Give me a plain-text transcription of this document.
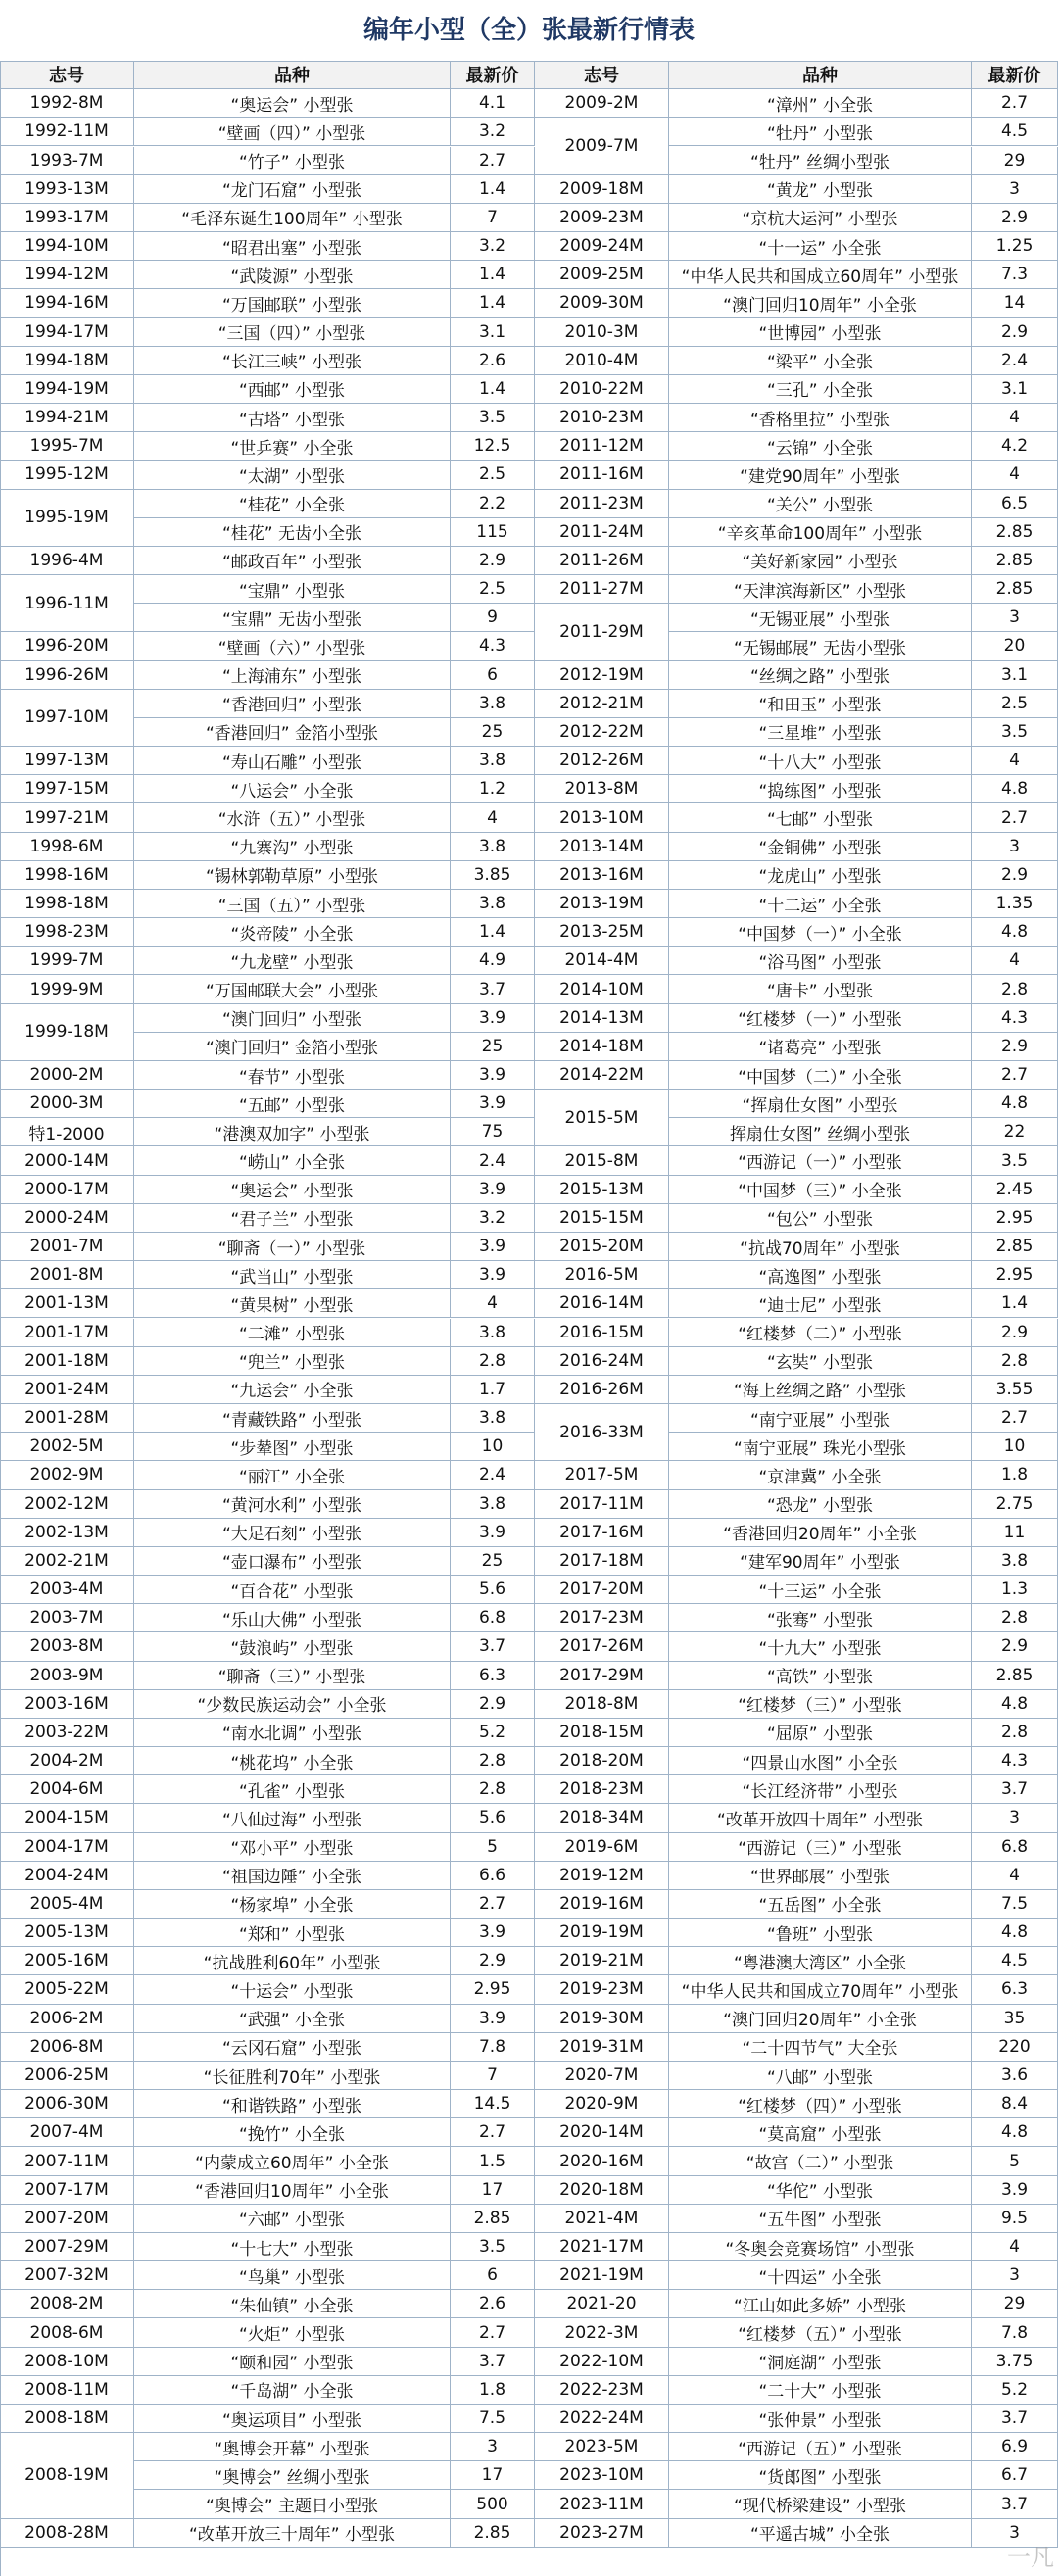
编年小型（全）张最新行情表
志号	品种	最新价	志号	品种	最新价
1992-8M	“奥运会” 小型张	4.1
1992-11M	“壁画（四）” 小型张	3.2
1993-7M	“竹子” 小型张	2.7
1993-13M	“龙门石窟” 小型张	1.4
1993-17M	“毛泽东诞生100周年” 小型张	7
1994-10M	“昭君出塞” 小型张	3.2
1994-12M	“武陵源” 小型张	1.4
1994-16M	“万国邮联” 小型张	1.4
1994-17M	“三国（四）” 小型张	3.1
1994-18M	“长江三峡” 小型张	2.6
1994-19M	“西邮” 小型张	1.4
1994-21M	“古塔” 小型张	3.5
1995-7M	“世乒赛” 小全张	12.5
1995-12M	“太湖” 小型张	2.5
1995-19M
“桂花” 小全张	2.2
“桂花” 无齿小全张	115
1996-4M	“邮政百年” 小型张	2.9
1996-11M
“宝鼎” 小型张	2.5
“宝鼎” 无齿小型张	9
1996-20M	“壁画（六）” 小型张	4.3
1996-26M	“上海浦东” 小型张	6
1997-10M
“香港回归” 小型张	3.8
“香港回归” 金箔小型张	25
1997-13M	“寿山石雕” 小型张	3.8
1997-15M	“八运会” 小全张	1.2
1997-21M	“水浒（五）” 小型张	4
1998-6M	“九寨沟” 小型张	3.8
1998-16M	“锡林郭勒草原” 小型张	3.85
1998-18M	“三国（五）” 小型张	3.8
1998-23M	“炎帝陵” 小全张	1.4
1999-7M	“九龙壁” 小型张	4.9
1999-9M	“万国邮联大会” 小型张	3.7
1999-18M
“澳门回归” 小型张	3.9
“澳门回归” 金箔小型张	25
2000-2M	“春节” 小型张	3.9
2000-3M	“五邮” 小型张	3.9
特1-2000	“港澳双加字” 小型张	75
2000-14M	“崂山” 小全张	2.4
2000-17M	“奥运会” 小型张	3.9
2000-24M	“君子兰” 小型张	3.2
2001-7M	“聊斋（一）” 小型张	3.9
2001-8M	“武当山” 小型张	3.9
2001-13M	“黄果树” 小型张	4
2001-17M	“二滩” 小型张	3.8
2001-18M	“兜兰” 小型张	2.8
2001-24M	“九运会” 小全张	1.7
2001-28M	“青藏铁路” 小型张	3.8
2002-5M	“步辇图” 小型张	10
2002-9M	“丽江” 小全张	2.4
2002-12M	“黄河水利” 小型张	3.8
2002-13M	“大足石刻” 小型张	3.9
2002-21M	“壶口瀑布” 小型张	25
2003-4M	“百合花” 小型张	5.6
2003-7M	“乐山大佛” 小型张	6.8
2003-8M	“鼓浪屿” 小型张	3.7
2003-9M	“聊斋（三）” 小型张	6.3
2003-16M	“少数民族运动会” 小全张	2.9
2003-22M	“南水北调” 小型张	5.2
2004-2M	“桃花坞” 小全张	2.8
2004-6M	“孔雀” 小型张	2.8
2004-15M	“八仙过海” 小型张	5.6
2004-17M	“邓小平” 小型张	5
2004-24M	“祖国边陲” 小全张	6.6
2005-4M	“杨家埠” 小全张	2.7
2005-13M	“郑和” 小型张	3.9
2005-16M	“抗战胜利60年” 小型张	2.9
2005-22M	“十运会” 小型张	2.95
2006-2M	“武强” 小全张	3.9
2006-8M	“云冈石窟” 小型张	7.8
2006-25M	“长征胜利70年” 小型张	7
2006-30M	“和谐铁路” 小型张	14.5
2007-4M	“挽竹” 小全张	2.7
2007-11M	“内蒙成立60周年” 小全张	1.5
2007-17M	“香港回归10周年” 小全张	17
2007-20M	“六邮” 小型张	2.85
2007-29M	“十七大” 小型张	3.5
2007-32M	“鸟巢” 小型张	6
2008-2M	“朱仙镇” 小全张	2.6
2008-6M	“火炬” 小型张	2.7
2008-10M	“颐和园” 小型张	3.7
2008-11M	“千岛湖” 小全张	1.8
2008-18M	“奥运项目” 小型张	7.5
2008-19M
“奥博会开幕” 小型张	3
“奥博会” 丝绸小型张	17
“奥博会” 主题日小型张	500
2008-28M	“改革开放三十周年” 小型张	2.85
2009-2M	“漳州” 小全张	2.7
2009-7M
“牡丹” 小型张	4.5
“牡丹” 丝绸小型张	29
2009-18M	“黄龙” 小型张	3
2009-23M	“京杭大运河” 小型张	2.9
2009-24M	“十一运” 小全张	1.25
2009-25M	“中华人民共和国成立60周年” 小型张	7.3
2009-30M	“澳门回归10周年” 小全张	14
2010-3M	“世博园” 小型张	2.9
2010-4M	“梁平” 小全张	2.4
2010-22M	“三孔” 小全张	3.1
2010-23M	“香格里拉” 小型张	4
2011-12M	“云锦” 小全张	4.2
2011-16M	“建党90周年” 小型张	4
2011-23M	“关公” 小型张	6.5
2011-24M	“辛亥革命100周年” 小型张	2.85
2011-26M	“美好新家园” 小型张	2.85
2011-27M	“天津滨海新区” 小型张	2.85
2011-29M
“无锡亚展” 小型张	3
“无锡邮展” 无齿小型张	20
2012-19M	“丝绸之路” 小型张	3.1
2012-21M	“和田玉” 小型张	2.5
2012-22M	“三星堆” 小型张	3.5
2012-26M	“十八大” 小型张	4
2013-8M	“捣练图” 小型张	4.8
2013-10M	“七邮” 小型张	2.7
2013-14M	“金铜佛” 小型张	3
2013-16M	“龙虎山” 小型张	2.9
2013-19M	“十二运” 小全张	1.35
2013-25M	“中国梦（一）” 小全张	4.8
2014-4M	“浴马图” 小型张	4
2014-10M	“唐卡” 小型张	2.8
2014-13M	“红楼梦（一）” 小型张	4.3
2014-18M	“诸葛亮” 小型张	2.9
2014-22M	“中国梦（二）” 小全张	2.7
2015-5M
“挥扇仕女图” 小型张	4.8
挥扇仕女图” 丝绸小型张	22
2015-8M	“西游记（一）” 小型张	3.5
2015-13M	“中国梦（三）” 小全张	2.45
2015-15M	“包公” 小型张	2.95
2015-20M	“抗战70周年” 小型张	2.85
2016-5M	“高逸图” 小型张	2.95
2016-14M	“迪士尼” 小型张	1.4
2016-15M	“红楼梦（二）” 小型张	2.9
2016-24M	“玄奘” 小型张	2.8
2016-26M	“海上丝绸之路” 小型张	3.55
2016-33M
“南宁亚展” 小型张	2.7
“南宁亚展” 珠光小型张	10
2017-5M	“京津冀” 小全张	1.8
2017-11M	“恐龙” 小型张	2.75
2017-16M	“香港回归20周年” 小全张	11
2017-18M	“建军90周年” 小型张	3.8
2017-20M	“十三运” 小全张	1.3
2017-23M	“张骞” 小型张	2.8
2017-26M	“十九大” 小型张	2.9
2017-29M	“高铁” 小型张	2.85
2018-8M	“红楼梦（三）” 小型张	4.8
2018-15M	“屈原” 小型张	2.8
2018-20M	“四景山水图” 小全张	4.3
2018-23M	“长江经济带” 小型张	3.7
2018-34M	“改革开放四十周年” 小型张	3
2019-6M	“西游记（三）” 小型张	6.8
2019-12M	“世界邮展” 小型张	4
2019-16M	“五岳图” 小全张	7.5
2019-19M	“鲁班” 小型张	4.8
2019-21M	“粤港澳大湾区” 小全张	4.5
2019-23M	“中华人民共和国成立70周年” 小型张	6.3
2019-30M	“澳门回归20周年” 小全张	35
2019-31M	“二十四节气” 大全张	220
2020-7M	“八邮” 小型张	3.6
2020-9M	“红楼梦（四）” 小型张	8.4
2020-14M	“莫高窟” 小型张	4.8
2020-16M	“故宫（二）” 小型张	5
2020-18M	“华佗” 小型张	3.9
2021-4M	“五牛图” 小型张	9.5
2021-17M	“冬奥会竞赛场馆” 小型张	4
2021-19M	“十四运” 小全张	3
2021-20	“江山如此多娇” 小型张	29
2022-3M	“红楼梦（五）” 小型张	7.8
2022-10M	“洞庭湖” 小型张	3.75
2022-23M	“二十大” 小型张	5.2
2022-24M	“张仲景” 小型张	3.7
2023-5M	“西游记（五）” 小型张	6.9
2023-10M	“货郎图” 小型张	6.7
2023-11M	“现代桥梁建设” 小型张	3.7
2023-27M	“平遥古城” 小全张	3
一凡
